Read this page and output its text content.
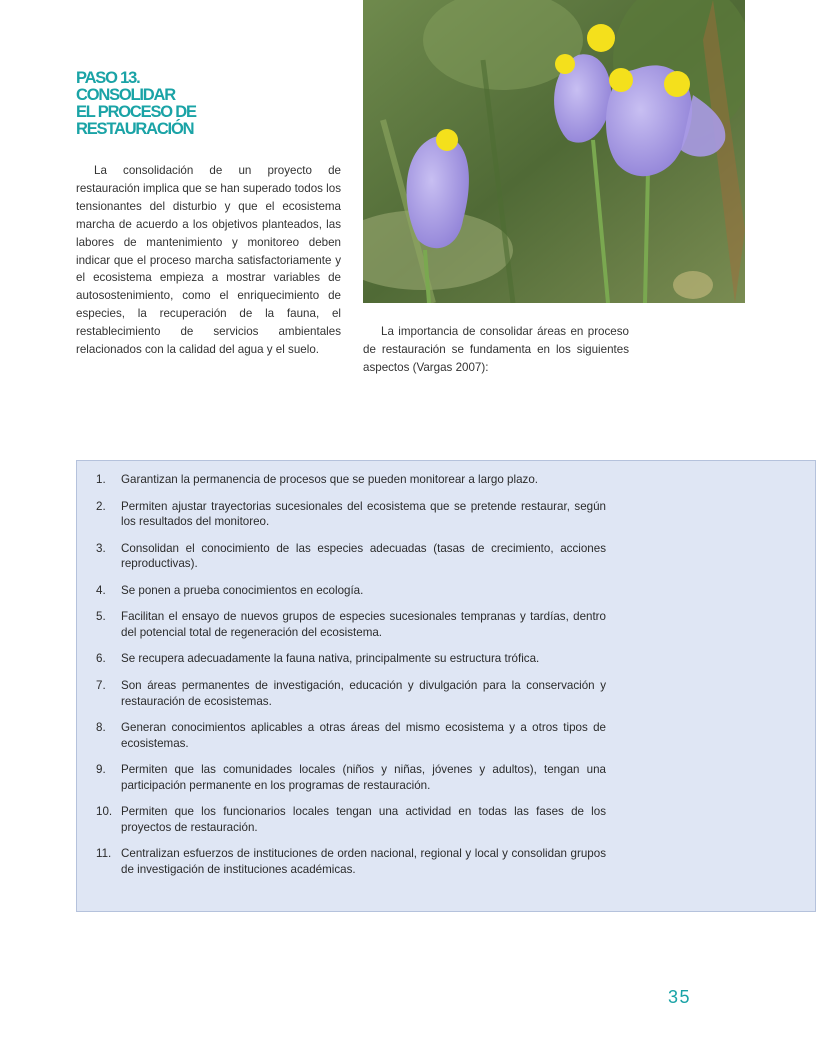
PASO 13.
CONSOLIDAR
EL PROCESO DE
RESTAURACIÓN

La consolidación de un proyecto de restauración implica que se han superado todos los tensionantes del disturbio y que el ecosistema marcha de acuerdo a los objetivos planteados, las labores de mantenimiento y monitoreo deben indicar que el proceso marcha satisfactoriamente y el ecosistema empieza a mostrar variables de autosostenimiento, como el enriquecimiento de especies, la recuperación de la fauna, el restablecimiento de servicios ambientales relacionados con la calidad del agua y el suelo.

La importancia de consolidar áreas en proceso de restauración se fundamenta en los siguientes aspectos (Vargas 2007):

1. Garantizan la permanencia de procesos que se pueden monitorear a largo plazo.
2. Permiten ajustar trayectorias sucesionales del ecosistema que se pretende restaurar, según los resultados del monitoreo.
3. Consolidan el conocimiento de las especies adecuadas (tasas de crecimiento, acciones reproductivas).
4. Se ponen a prueba conocimientos en ecología.
5. Facilitan el ensayo de nuevos grupos de especies sucesionales tempranas y tardías, dentro del potencial total de regeneración del ecosistema.
6. Se recupera adecuadamente la fauna nativa, principalmente su estructura trófica.
7. Son áreas permanentes de investigación, educación y divulgación para la conservación y restauración de ecosistemas.
8. Generan conocimientos aplicables a otras áreas del mismo ecosistema y a otros tipos de ecosistemas.
9. Permiten que las comunidades locales (niños y niñas, jóvenes y adultos), tengan una participación permanente en los programas de restauración.
10. Permiten que los funcionarios locales tengan una actividad en todas las fases de los proyectos de restauración.
11. Centralizan esfuerzos de instituciones de orden nacional, regional y local y consolidan grupos de investigación de instituciones académicas.
35
